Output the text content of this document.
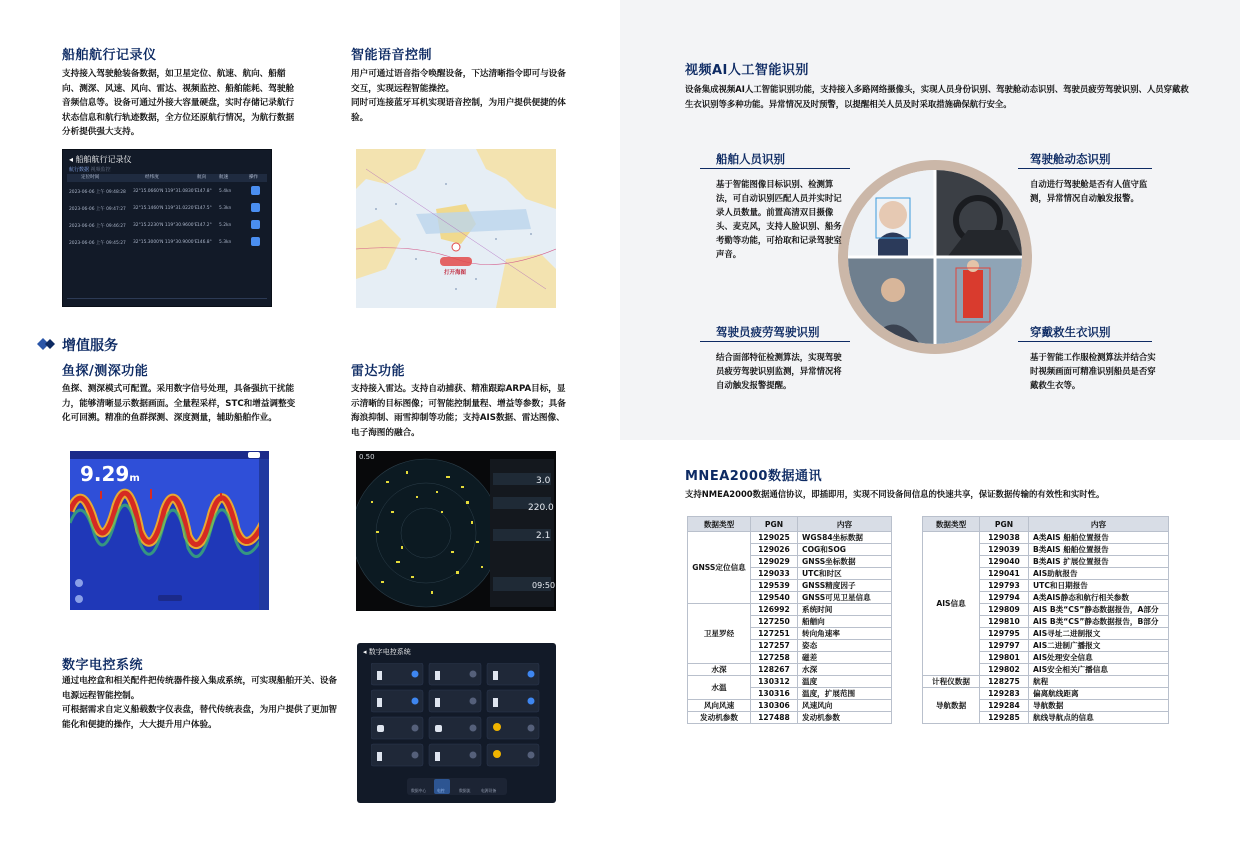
船舶航行记录仪
支持接入驾驶舱装备数据，如卫星定位、航速、航向、船艏向、测深、风速、风向、雷达、视频监控、船舶能耗、驾驶舱音频信息等。设备可通过外接大容量硬盘，实时存储记录航行状态信息和航行轨迹数据，全方位还原航行情况，为航行数据分析提供强大支持。
◂ 船舶航行记录仪
航行数据 视频监控
定位时间	经纬度	航向	航速	操作
2023-06-06 上午 09:48:28 32°15.0660'N 119°31.0830'E 147.8° 5.4kn
2023-06-06 上午 09:47:27 32°15.1460'N 119°31.0220'E 147.5° 5.3kn
2023-06-06 上午 09:46:27 32°15.2230'N 119°30.9600'E 147.2° 5.2kn
2023-06-06 上午 09:45:27 32°15.3000'N 119°30.9000'E 146.8° 5.3kn
智能语音控制
用户可通过语音指令唤醒设备，下达清晰指令即可与设备交互，实现远程智能操控。
同时可连接蓝牙耳机实现语音控制，为用户提供便捷的体验。
打开海图
增值服务
鱼探/测深功能
鱼探、测深模式可配置。采用数字信号处理，具备强抗干扰能力，能够清晰显示数据画面。全量程采样，STC和增益调整变化可回溯。精准的鱼群探测、深度测量，辅助船舶作业。
9.29m
雷达功能
支持接入雷达。支持自动捕获、精准跟踪ARPA目标，显示清晰的目标图像；可智能控制量程、增益等参数；具备海浪抑制、雨雪抑制等功能；支持AIS数据、雷达图像、电子海图的融合。
0.50
3.0
220.0
2.1
09:50
数字电控系统
通过电控盒和相关配件把传统器件接入集成系统，可实现船舶开关、设备电源远程智能控制。
可根据需求自定义船载数字仪表盘，替代传统表盘，为用户提供了更加智能化和便捷的操作，大大提升用户体验。
◂ 数字电控系统
数据中心	数据流	电源设备
视频AI人工智能识别
设备集成视频AI人工智能识别功能，支持接入多路网络摄像头，实现人员身份识别、驾驶舱动态识别、驾驶员疲劳驾驶识别、人员穿戴救生衣识别等多种功能。异常情况及时预警，以提醒相关人员及时采取措施确保航行安全。
船舶人员识别
基于智能图像目标识别、检测算法，可自动识别匹配人员并实时记录人员数量。前置高清双目摄像头、麦克风，支持人脸识别、船务考勤等功能，可拾取和记录驾驶室声音。
驾驶舱动态识别
自动进行驾驶舱是否有人值守监测，异常情况自动触发报警。
驾驶员疲劳驾驶识别
结合面部特征检测算法，实现驾驶员疲劳驾驶识别监测，异常情况将自动触发报警提醒。
穿戴救生衣识别
基于智能工作服检测算法并结合实时视频画面可精准识别船员是否穿戴救生衣等。
MNEA2000数据通讯
支持NMEA2000数据通信协议，即插即用，实现不同设备间信息的快速共享，保证数据传输的有效性和实时性。
数据类型	PGN	内容
GNSS定位信息	129025	WGS84坐标数据
	129026	COG和SOG
	129029	GNSS坐标数据
	129033	UTC和时区
	129539	GNSS精度因子
	129540	GNSS可见卫星信息
卫星罗经	126992	系统时间
	127250	船艏向
	127251	转向角速率
	127257	姿态
	127258	磁差
水深	128267	水深
水温	130312	温度
	130316	温度，扩展范围
风向风速	130306	风速风向
发动机参数	127488	发动机参数
数据类型	PGN	内容
AIS信息	129038	A类AIS 船舶位置报告
	129039	B类AIS 船舶位置报告
	129040	B类AIS 扩展位置报告
	129041	AIS助航报告
	129793	UTC和日期报告
	129794	A类AIS静态和航行相关参数
	129809	AIS B类“CS”静态数据报告，A部分
	129810	AIS B类“CS”静态数据报告，B部分
	129795	AIS寻址二进制报文
	129797	AIS二进制广播报文
	129801	AIS处理安全信息
	129802	AIS安全相关广播信息
计程仪数据	128275	航程
导航数据	129283	偏离航线距离
	129284	导航数据
	129285	航线导航点的信息
